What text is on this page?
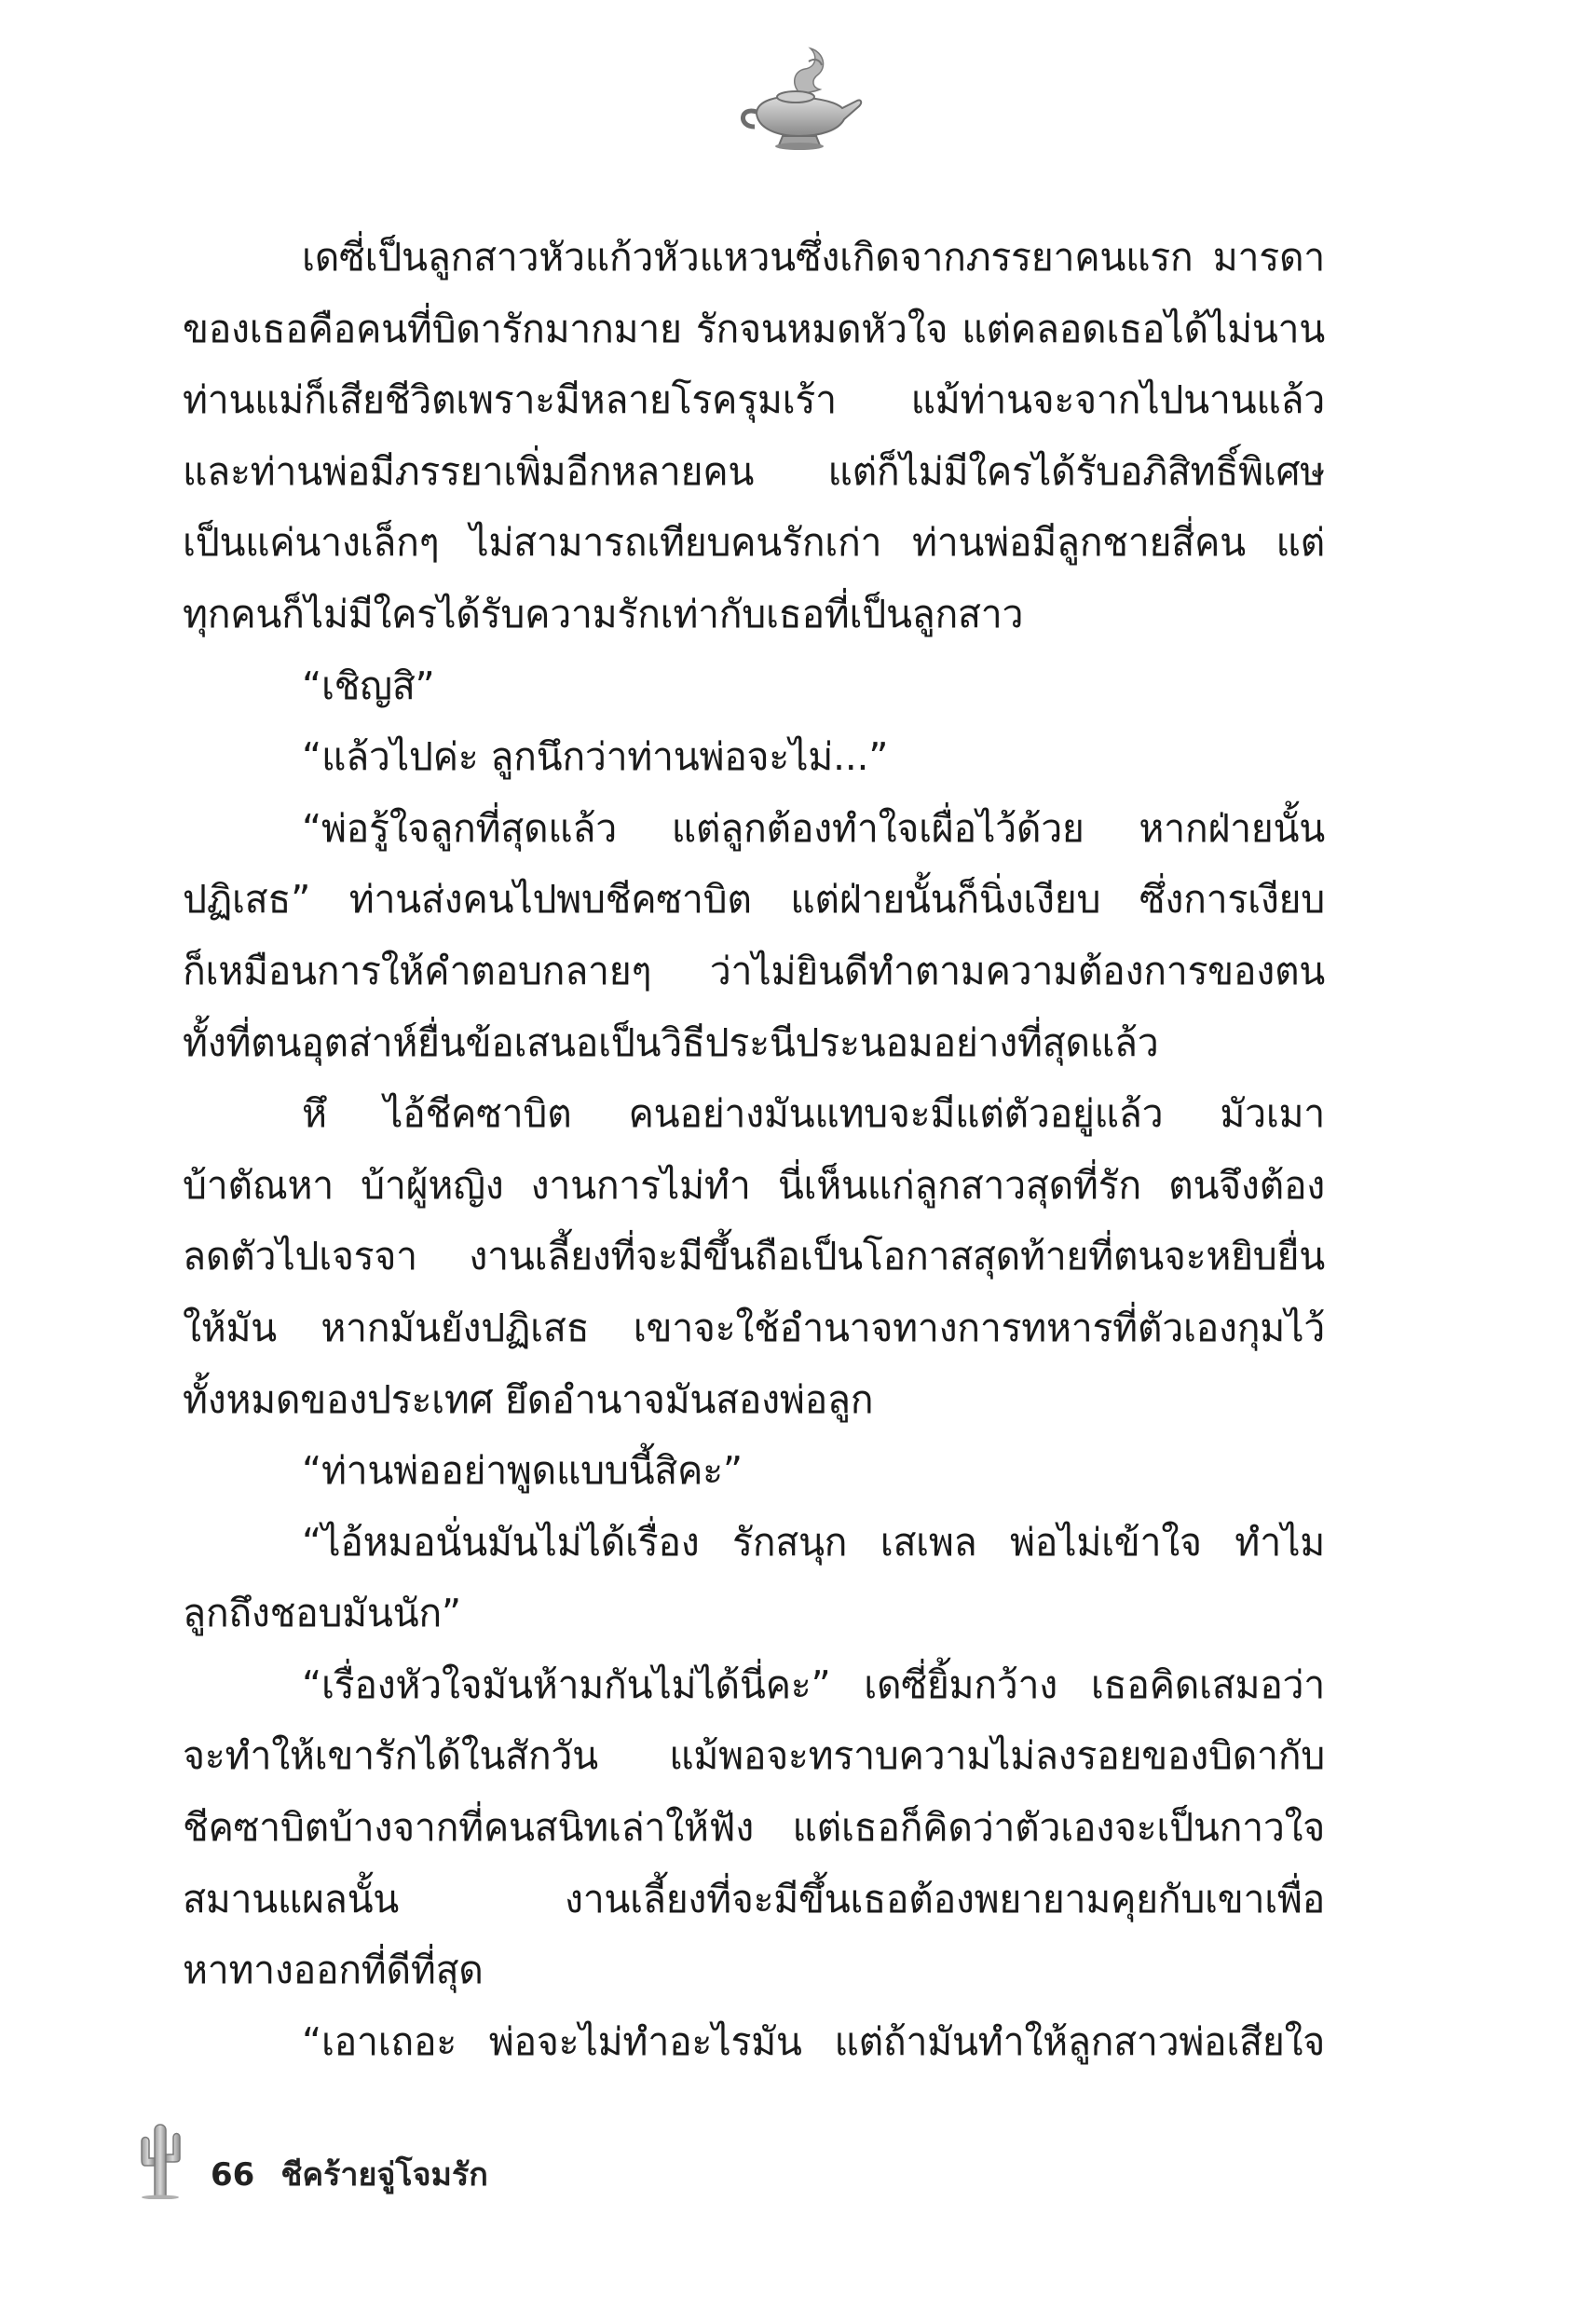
เดซี่เป็นลูกสาวหัวแก้วหัวแหวนซึ่งเกิดจากภรรยาคนแรก มารดา
ของเธอคือคนที่บิดารักมากมาย รักจนหมดหัวใจ แต่คลอดเธอได้ไม่นาน
ท่านแม่ก็เสียชีวิตเพราะมีหลายโรครุมเร้า แม้ท่านจะจากไปนานแล้ว
และท่านพ่อมีภรรยาเพิ่มอีกหลายคน แต่ก็ไม่มีใครได้รับอภิสิทธิ์พิเศษ
เป็นแค่นางเล็กๆ ไม่สามารถเทียบคนรักเก่า ท่านพ่อมีลูกชายสี่คน แต่
ทุกคนก็ไม่มีใครได้รับความรักเท่ากับเธอที่เป็นลูกสาว
“เชิญสิ”
“แล้วไปค่ะ ลูกนึกว่าท่านพ่อจะไม่...”
“พ่อรู้ใจลูกที่สุดแล้ว แต่ลูกต้องทำใจเผื่อไว้ด้วย หากฝ่ายนั้น
ปฏิเสธ” ท่านส่งคนไปพบชีคซาบิต แต่ฝ่ายนั้นก็นิ่งเงียบ ซึ่งการเงียบ
ก็เหมือนการให้คำตอบกลายๆ ว่าไม่ยินดีทำตามความต้องการของตน
ทั้งที่ตนอุตส่าห์ยื่นข้อเสนอเป็นวิธีประนีประนอมอย่างที่สุดแล้ว
หึ ไอ้ชีคซาบิต คนอย่างมันแทบจะมีแต่ตัวอยู่แล้ว มัวเมา
บ้าตัณหา บ้าผู้หญิง งานการไม่ทำ นี่เห็นแก่ลูกสาวสุดที่รัก ตนจึงต้อง
ลดตัวไปเจรจา งานเลี้ยงที่จะมีขึ้นถือเป็นโอกาสสุดท้ายที่ตนจะหยิบยื่น
ให้มัน หากมันยังปฏิเสธ เขาจะใช้อำนาจทางการทหารที่ตัวเองกุมไว้
ทั้งหมดของประเทศ ยึดอำนาจมันสองพ่อลูก
“ท่านพ่ออย่าพูดแบบนี้สิคะ”
“ไอ้หมอนั่นมันไม่ได้เรื่อง รักสนุก เสเพล พ่อไม่เข้าใจ ทำไม
ลูกถึงชอบมันนัก”
“เรื่องหัวใจมันห้ามกันไม่ได้นี่คะ” เดซี่ยิ้มกว้าง เธอคิดเสมอว่า
จะทำให้เขารักได้ในสักวัน แม้พอจะทราบความไม่ลงรอยของบิดากับ
ชีคซาบิตบ้างจากที่คนสนิทเล่าให้ฟัง แต่เธอก็คิดว่าตัวเองจะเป็นกาวใจ
สมานแผลนั้น งานเลี้ยงที่จะมีขึ้นเธอต้องพยายามคุยกับเขาเพื่อ
หาทางออกที่ดีที่สุด
“เอาเถอะ พ่อจะไม่ทำอะไรมัน แต่ถ้ามันทำให้ลูกสาวพ่อเสียใจ
66 ชีคร้ายจู่โจมรัก
